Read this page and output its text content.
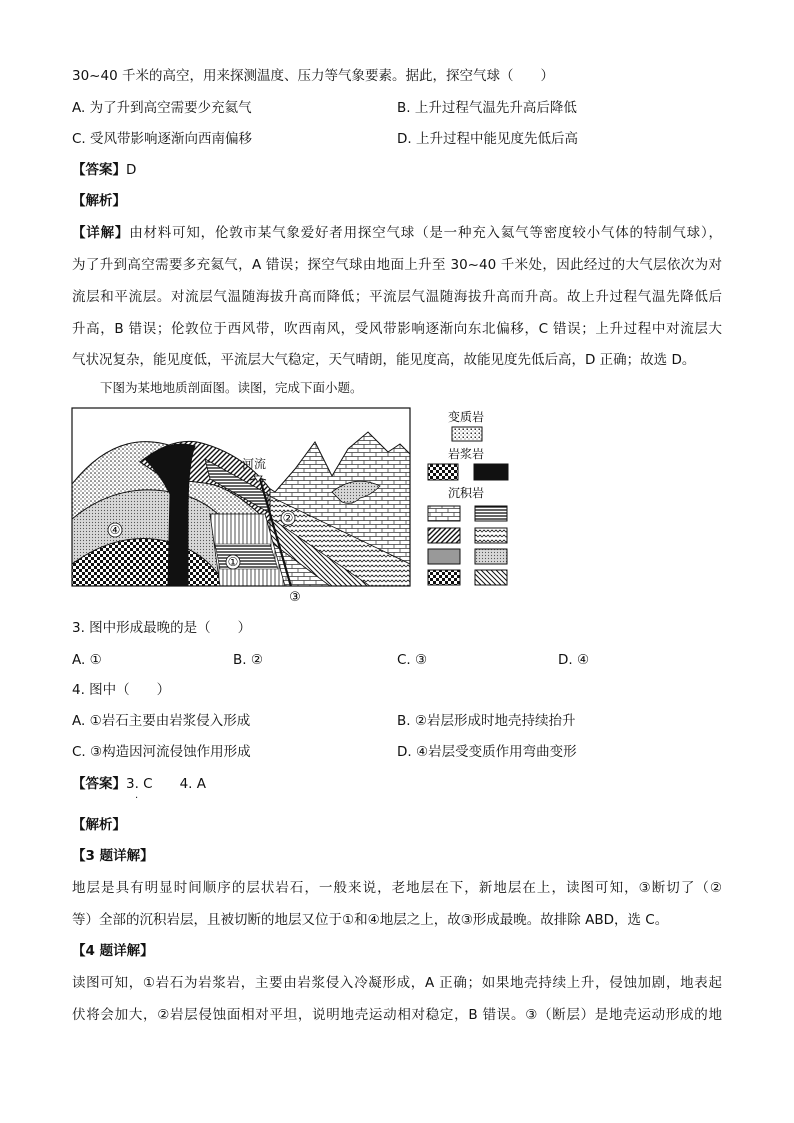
30~40 千米的高空，用来探测温度、压力等气象要素。据此，探空气球（　　）
A. 为了升到高空需要少充氦气	B. 上升过程气温先升高后降低
C. 受风带影响逐渐向西南偏移	D. 上升过程中能见度先低后高
【答案】D
【解析】
【详解】由材料可知，伦敦市某气象爱好者用探空气球（是一种充入氦气等密度较小气体的特制气球），
为了升到高空需要多充氦气，A 错误；探空气球由地面上升至 30~40 千米处，因此经过的大气层依次为对
流层和平流层。对流层气温随海拔升高而降低；平流层气温随海拔升高而升高。故上升过程气温先降低后
升高，B 错误；伦敦位于西风带，吹西南风，受风带影响逐渐向东北偏移，C 错误；上升过程中对流层大
气状况复杂，能见度低，平流层大气稳定，天气晴朗，能见度高，故能见度先低后高，D 正确；故选 D。
下图为某地地质剖面图。读图，完成下面小题。
河流
①
②
③
④
变质岩
岩浆岩
沉积岩
3. 图中形成最晚的是（　　）
A. ①	B. ②	C. ③	D. ④
4. 图中（　　）
A. ①岩石主要由岩浆侵入形成	B. ②岩层形成时地壳持续抬升
C. ③构造因河流侵蚀作用形成	D. ④岩层受变质作用弯曲变形
【答案】3. C　　4. A
·
【解析】
【3 题详解】
地层是具有明显时间顺序的层状岩石，一般来说，老地层在下，新地层在上，读图可知，③断切了（②
等）全部的沉积岩层，且被切断的地层又位于①和④地层之上，故③形成最晚。故排除 ABD，选 C。
【4 题详解】
读图可知，①岩石为岩浆岩，主要由岩浆侵入冷凝形成，A 正确；如果地壳持续上升，侵蚀加剧，地表起
伏将会加大，②岩层侵蚀面相对平坦，说明地壳运动相对稳定，B 错误。③（断层）是地壳运动形成的地
